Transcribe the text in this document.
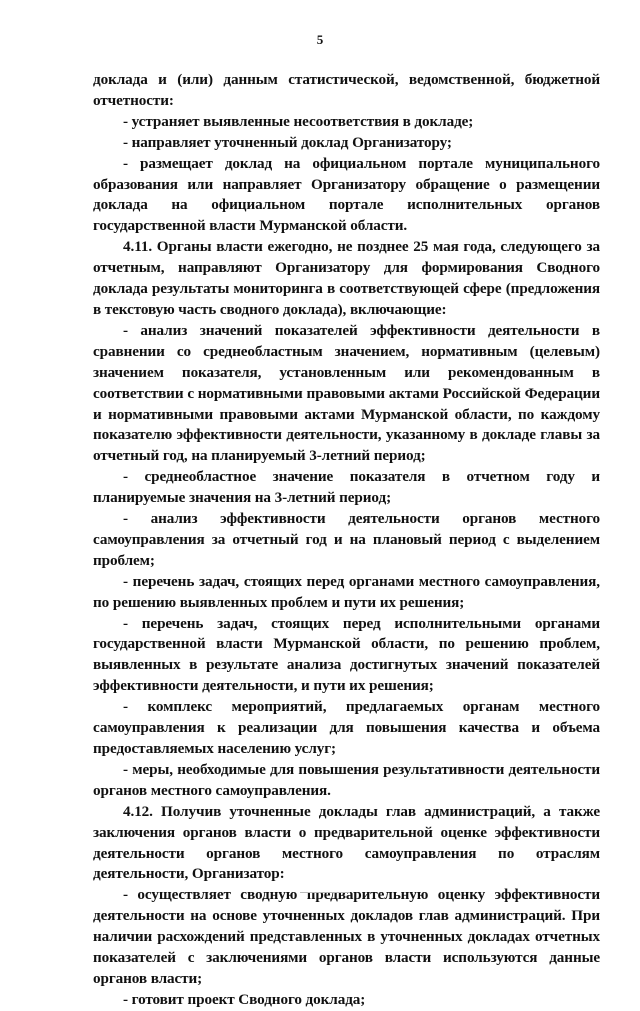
5

доклада и (или) данным статистической, ведомственной, бюджетной отчетности:

- устраняет выявленные несоответствия в докладе;

- направляет уточненный доклад Организатору;

- размещает доклад на официальном портале муниципального образования или направляет Организатору обращение о размещении доклада на официальном портале исполнительных органов государственной власти Мурманской области.

4.11. Органы власти ежегодно, не позднее 25 мая года, следующего за отчетным, направляют Организатору для формирования Сводного доклада результаты мониторинга в соответствующей сфере (предложения в текстовую часть сводного доклада), включающие:

- анализ значений показателей эффективности деятельности в сравнении со среднеобластным значением, нормативным (целевым) значением показателя, установленным или рекомендованным в соответствии с нормативными правовыми актами Российской Федерации и нормативными правовыми актами Мурманской области, по каждому показателю эффективности деятельности, указанному в докладе главы за отчетный год, на планируемый 3-летний период;

- среднеобластное значение показателя в отчетном году и планируемые значения на 3-летний период;

- анализ эффективности деятельности органов местного самоуправления за отчетный год и на плановый период с выделением проблем;

- перечень задач, стоящих перед органами местного самоуправления, по решению выявленных проблем и пути их решения;

- перечень задач, стоящих перед исполнительными органами государственной власти Мурманской области, по решению проблем, выявленных в результате анализа достигнутых значений показателей эффективности деятельности, и пути их решения;

- комплекс мероприятий, предлагаемых органам местного самоуправления к реализации для повышения качества и объема предоставляемых населению услуг;

- меры, необходимые для повышения результативности деятельности органов местного самоуправления.

4.12. Получив уточненные доклады глав администраций, а также заключения органов власти о предварительной оценке эффективности деятельности органов местного самоуправления по отраслям деятельности, Организатор:

- осуществляет сводную предварительную оценку эффективности деятельности на основе уточненных докладов глав администраций. При наличии расхождений представленных в уточненных докладах отчетных показателей с заключениями органов власти используются данные органов власти;

- готовит проект Сводного доклада;
